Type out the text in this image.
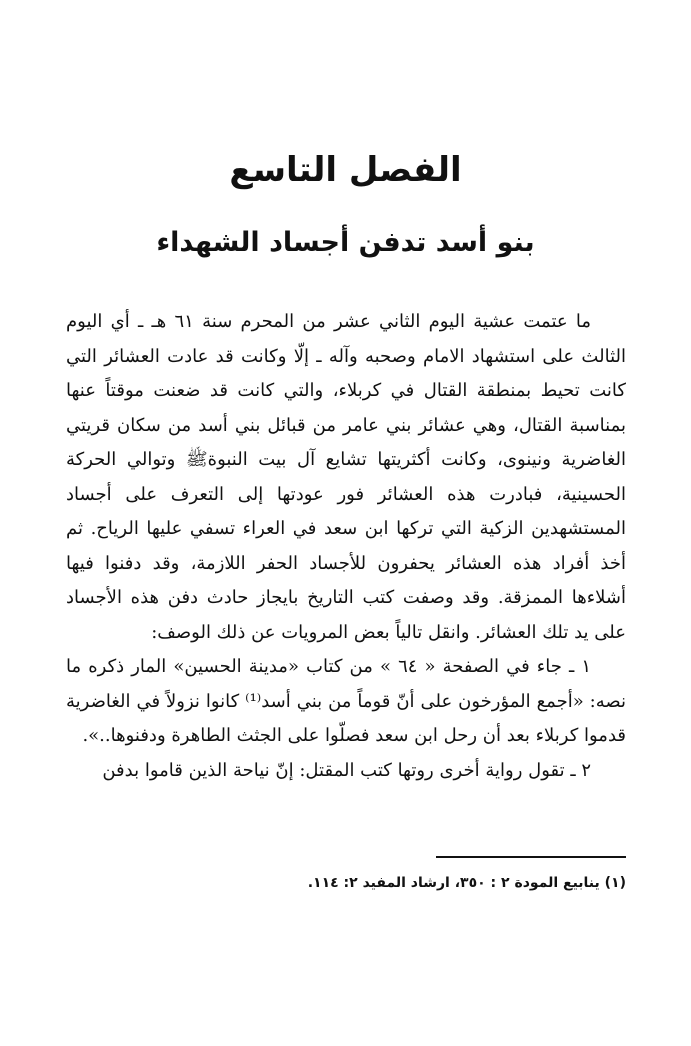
الفصل التاسع
بنو أسد تدفن أجساد الشهداء

ما عتمت عشية اليوم الثاني عشر من المحرم سنة ٦١ هـ ـ أي اليوم الثالث على استشهاد الامام وصحبه وآله ـ إلّا وكانت قد عادت العشائر التي كانت تحيط بمنطقة القتال في كربلاء، والتي كانت قد ضعنت موقتاً عنها بمناسبة القتال، وهي عشائر بني عامر من قبائل بني أسد من سكان قريتي الغاضرية ونينوى، وكانت أكثريتها تشايع آل بيت النبوةﷺ وتوالي الحركة الحسينية، فبادرت هذه العشائر فور عودتها إلى التعرف على أجساد المستشهدين الزكية التي تركها ابن سعد في العراء تسفي عليها الرياح. ثم أخذ أفراد هذه العشائر يحفرون للأجساد الحفر اللازمة، وقد دفنوا فيها أشلاءها الممزقة. وقد وصفت كتب التاريخ بايجاز حادث دفن هذه الأجساد على يد تلك العشائر. وانقل تالياً بعض المرويات عن ذلك الوصف:

١ ـ جاء في الصفحة « ٦٤ » من كتاب «مدينة الحسين» المار ذكره ما نصه: «أجمع المؤرخون على أنّ قوماً من بني أسد⁽¹⁾ كانوا نزولاً في الغاضرية قدموا كربلاء بعد أن رحل ابن سعد فصلّوا على الجثث الطاهرة ودفنوها..».

٢ ـ تقول رواية أخرى روتها كتب المقتل: إنّ نياحة الذين قاموا بدفن

(١) ينابيع المودة ٢ : ٣٥٠، ارشاد المفيد ٢: ١١٤.
